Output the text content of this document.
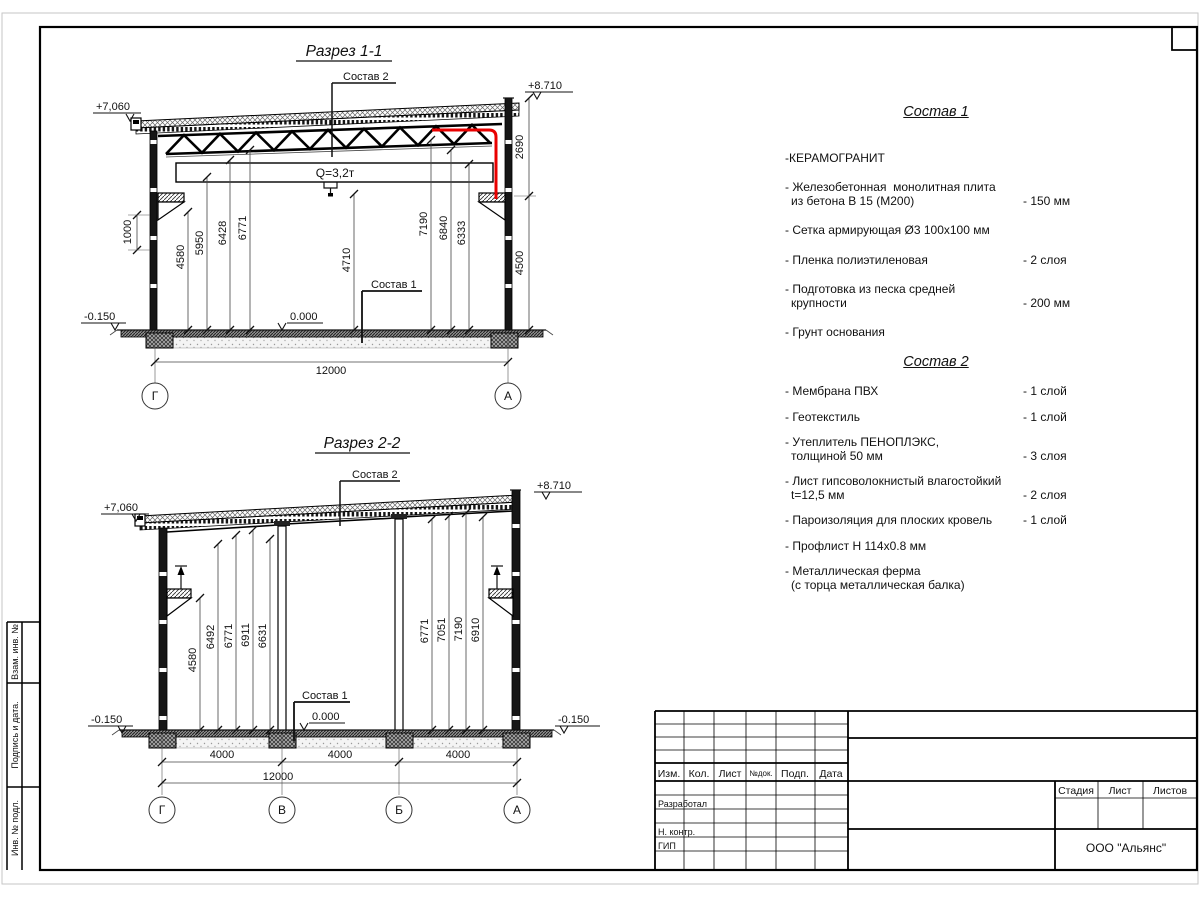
Взам. инв. №
Подпись и дата.
Инв. № подл.
Изм. Кол. Лист №док. Подп. Дата
Разработал
Н. контр.
ГИП
Стадия Лист Листов
ООО "Альянс"
Разрез 1-1
Q=3,2т
4580
5950 6428 6771
4710
7190 6840 6333
2690
4500
1000
12000
Г	А
+7,060
+8.710
-0.150	0.000
Состав 2
Состав 1
Разрез 2-2
4580
6492 6771 6911 6631	6771 7051 7190 6910
4000	4000	4000
12000
Г	В	Б	А
+7,060
+8.710
0.000
-0.150	-0.150
Состав 2
Состав 1
Состав 1
-КЕРАМОГРАНИТ
- Железобетонная  монолитная плита
из бетона В 15 (М200)	- 150 мм
- Сетка армирующая Ø3 100х100 мм
- Пленка полиэтиленовая	- 2 слоя
- Подготовка из песка средней
крупности	- 200 мм
- Грунт основания
Состав 2
- Мембрана ПВХ	- 1 слой
- Геотекстиль	- 1 слой
- Утеплитель ПЕНОПЛЭКС,
толщиной 50 мм	- 3 слоя
- Лист гипсоволокнистый влагостойкий
t=12,5 мм	- 2 слоя
- Пароизоляция для плоских кровель	- 1 слой
- Профлист Н 114х0.8 мм
- Металлическая ферма
(с торца металлическая балка)
